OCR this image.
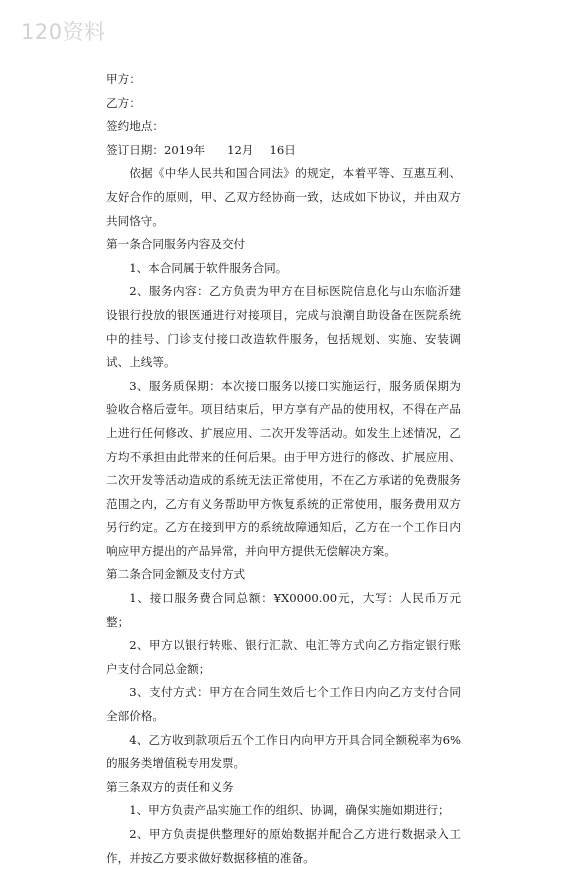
120资料

甲方：

乙方：

签约地点：

签订日期：2019年 12月 16日

依据《中华人民共和国合同法》的规定，本着平等、互惠互利、友好合作的原则，甲、乙双方经协商一致，达成如下协议，并由双方共同恪守。

第一条合同服务内容及交付

1、本合同属于软件服务合同。

2、服务内容：乙方负责为甲方在目标医院信息化与山东临沂建设银行投放的银医通进行对接项目，完成与浪潮自助设备在医院系统中的挂号、门诊支付接口改造软件服务，包括规划、实施、安装调试、上线等。

3、服务质保期：本次接口服务以接口实施运行，服务质保期为验收合格后壹年。项目结束后，甲方享有产品的使用权，不得在产品上进行任何修改、扩展应用、二次开发等活动。如发生上述情况，乙方均不承担由此带来的任何后果。由于甲方进行的修改、扩展应用、二次开发等活动造成的系统无法正常使用，不在乙方承诺的免费服务范围之内，乙方有义务帮助甲方恢复系统的正常使用，服务费用双方另行约定。乙方在接到甲方的系统故障通知后，乙方在一个工作日内响应甲方提出的产品异常，并向甲方提供无偿解决方案。

第二条合同金额及支付方式

1、接口服务费合同总额：¥X0000.00元，大写：人民币万元整；

2、甲方以银行转账、银行汇款、电汇等方式向乙方指定银行账户支付合同总金额；

3、支付方式：甲方在合同生效后七个工作日内向乙方支付合同全部价格。

4、乙方收到款项后五个工作日内向甲方开具合同全额税率为6%的服务类增值税专用发票。

第三条双方的责任和义务

1、甲方负责产品实施工作的组织、协调，确保实施如期进行；

2、甲方负责提供整理好的原始数据并配合乙方进行数据录入工作，并按乙方要求做好数据移植的准备。
